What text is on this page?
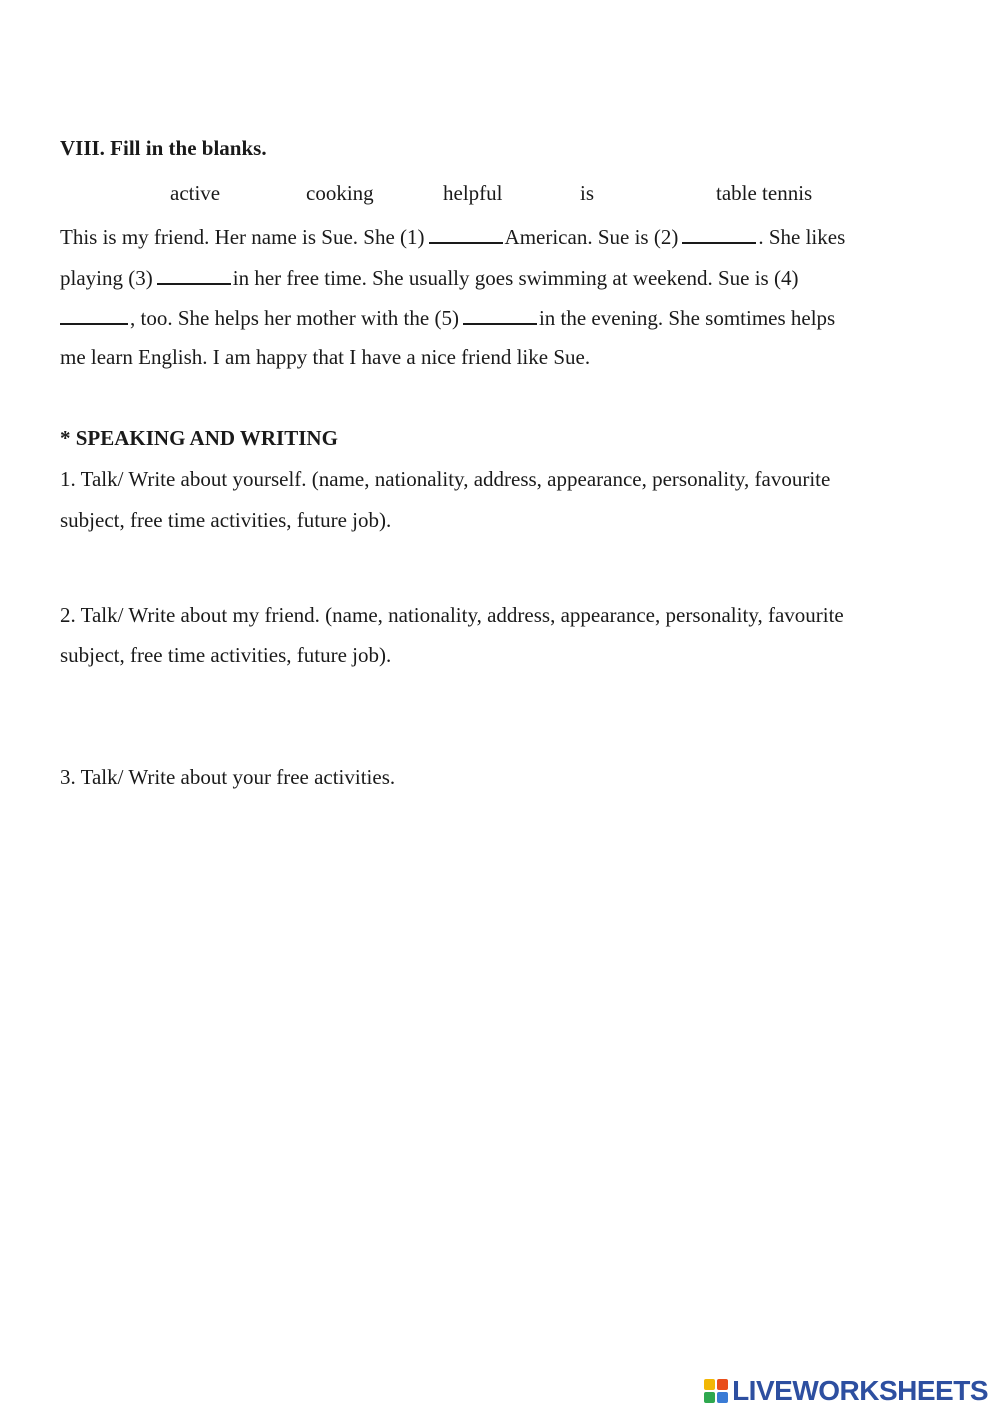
VIII. Fill in the blanks.
active	cooking	helpful	is	table tennis
This is my friend. Her name is Sue. She (1)	American. Sue is (2)	. She likes
playing (3)	in her free time. She usually goes swimming at weekend. Sue is (4)
, too. She helps her mother with the (5)	in the evening. She somtimes helps
me learn English. I am happy that I have a nice friend like Sue.
* SPEAKING AND WRITING
1. Talk/ Write about yourself. (name, nationality, address, appearance, personality, favourite
subject, free time activities, future job).
2. Talk/ Write about my friend. (name, nationality, address, appearance, personality, favourite
subject, free time activities, future job).
3. Talk/ Write about your free activities.
LIVEWORKSHEETS
